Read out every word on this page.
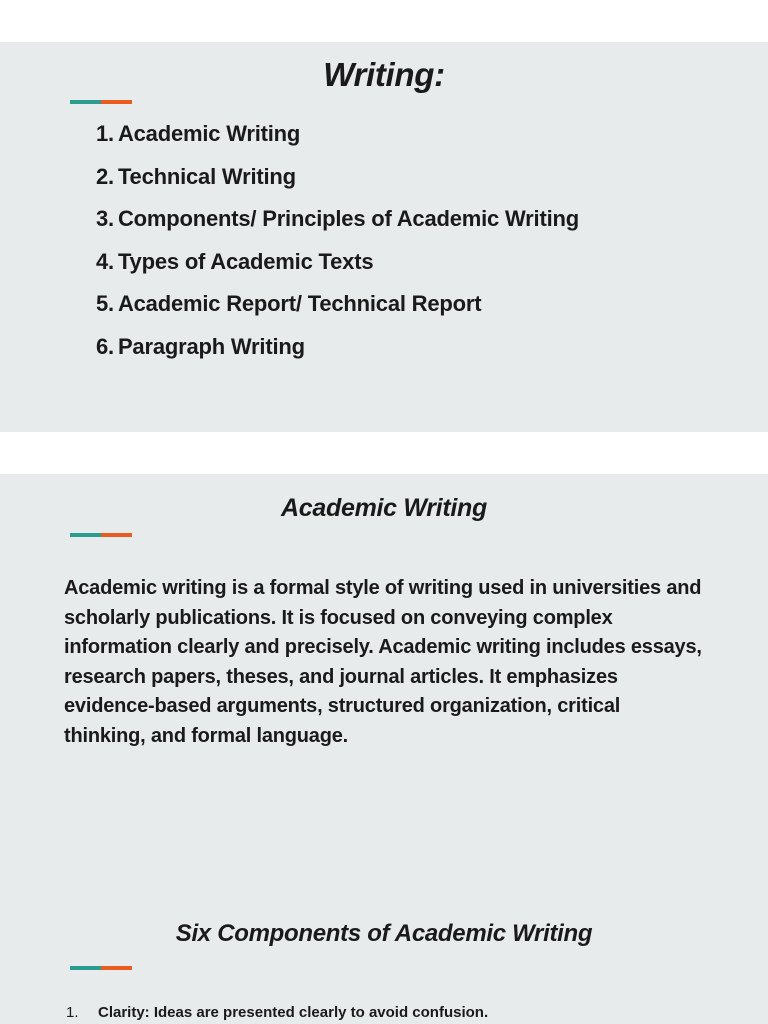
Writing:
1. Academic Writing
2. Technical Writing
3. Components/ Principles of Academic Writing
4. Types of Academic Texts
5. Academic Report/ Technical Report
6. Paragraph Writing
Academic Writing

Academic writing is a formal style of writing used in universities and scholarly publications. It is focused on conveying complex information clearly and precisely. Academic writing includes essays, research papers, theses, and journal articles. It emphasizes evidence-based arguments, structured organization, critical thinking, and formal language.

Six Components of Academic Writing
1.	Clarity: Ideas are presented clearly to avoid confusion.
